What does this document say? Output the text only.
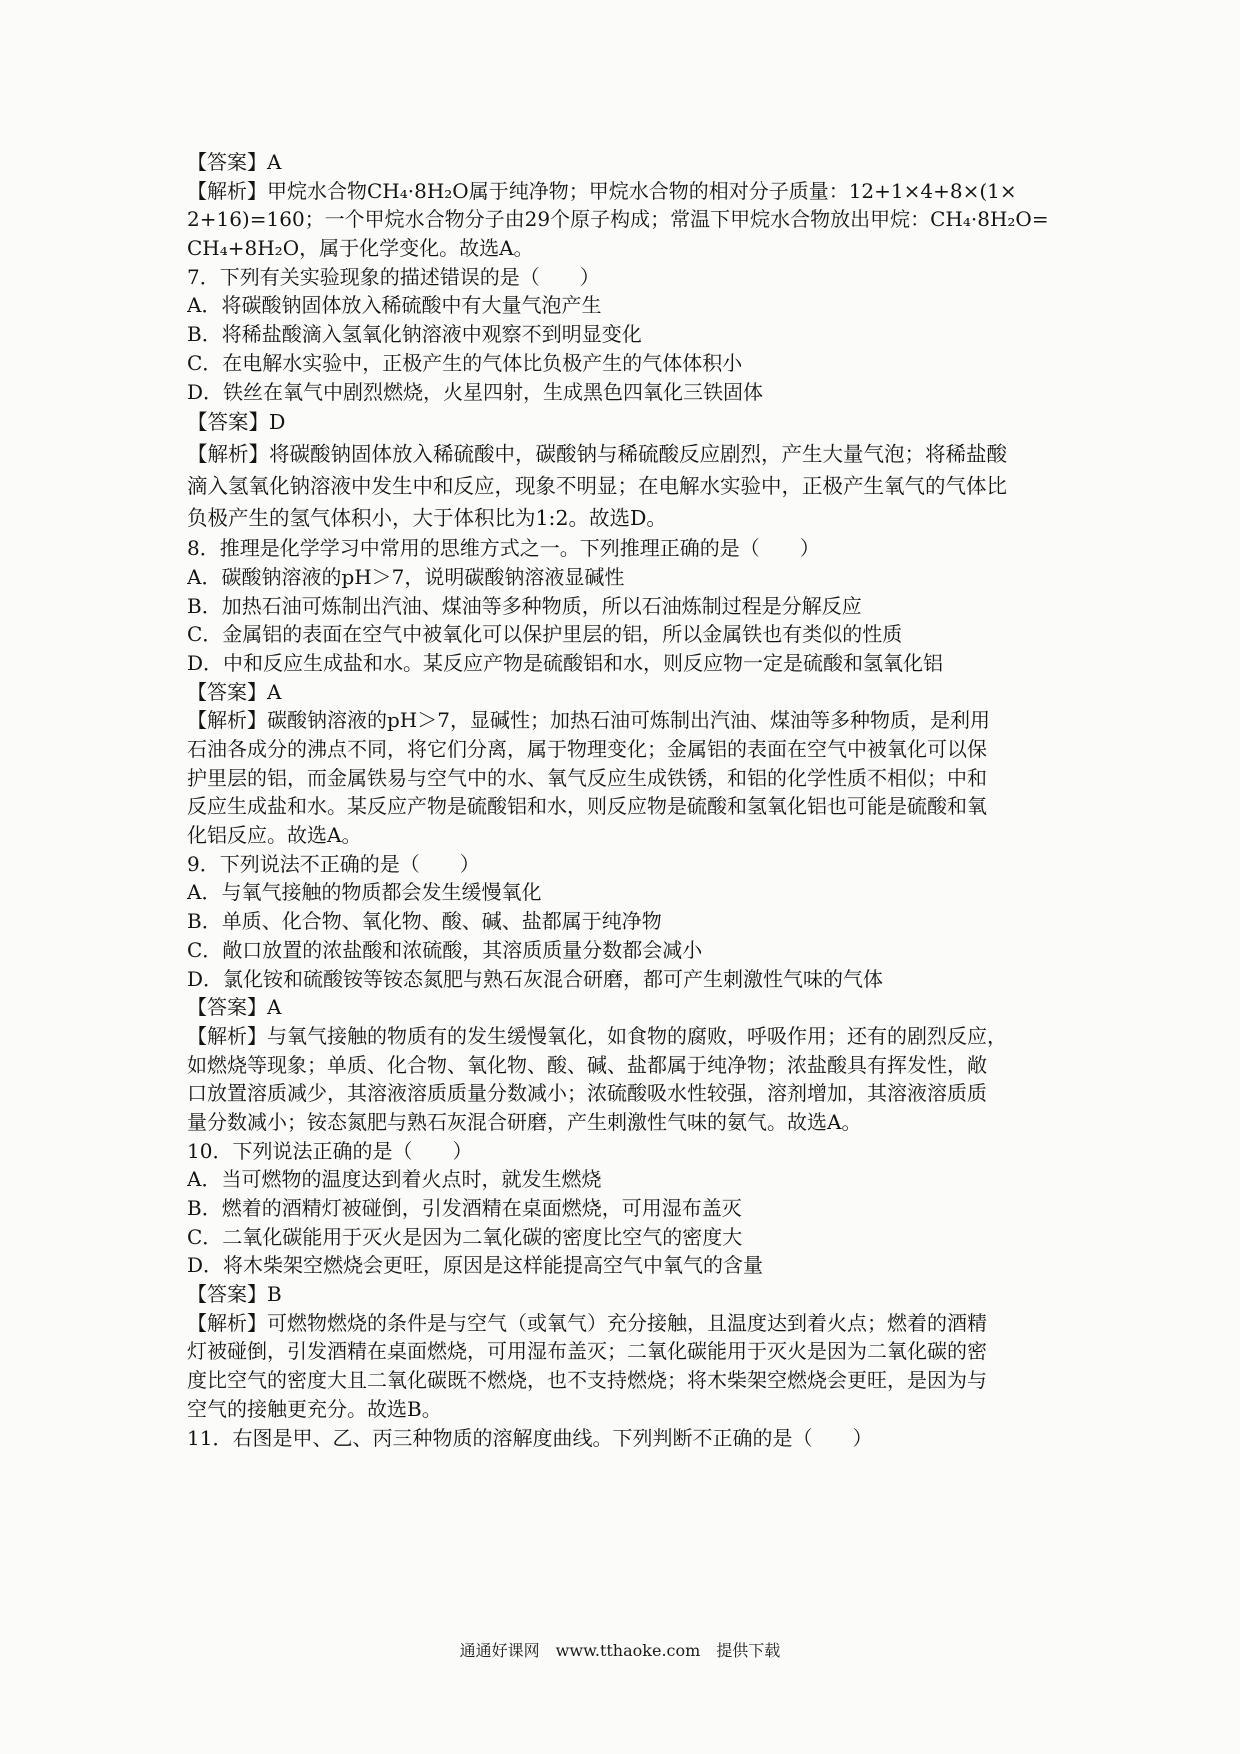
【答案】A
【解析】甲烷水合物CH₄·8H₂O属于纯净物；甲烷水合物的相对分子质量：12+1×4+8×(1×
2+16)=160；一个甲烷水合物分子由29个原子构成；常温下甲烷水合物放出甲烷：CH₄·8H₂O=
CH₄+8H₂O，属于化学变化。故选A。
7．下列有关实验现象的描述错误的是（　　）
A．将碳酸钠固体放入稀硫酸中有大量气泡产生
B．将稀盐酸滴入氢氧化钠溶液中观察不到明显变化
C．在电解水实验中，正极产生的气体比负极产生的气体体积小
D．铁丝在氧气中剧烈燃烧，火星四射，生成黑色四氧化三铁固体
【答案】D
【解析】将碳酸钠固体放入稀硫酸中，碳酸钠与稀硫酸反应剧烈，产生大量气泡；将稀盐酸
滴入氢氧化钠溶液中发生中和反应，现象不明显；在电解水实验中，正极产生氧气的气体比
负极产生的氢气体积小，大于体积比为1:2。故选D。
8．推理是化学学习中常用的思维方式之一。下列推理正确的是（　　）
A．碳酸钠溶液的pH＞7，说明碳酸钠溶液显碱性
B．加热石油可炼制出汽油、煤油等多种物质，所以石油炼制过程是分解反应
C．金属铝的表面在空气中被氧化可以保护里层的铝，所以金属铁也有类似的性质
D．中和反应生成盐和水。某反应产物是硫酸铝和水，则反应物一定是硫酸和氢氧化铝
【答案】A
【解析】碳酸钠溶液的pH＞7，显碱性；加热石油可炼制出汽油、煤油等多种物质，是利用
石油各成分的沸点不同，将它们分离，属于物理变化；金属铝的表面在空气中被氧化可以保
护里层的铝，而金属铁易与空气中的水、氧气反应生成铁锈，和铝的化学性质不相似；中和
反应生成盐和水。某反应产物是硫酸铝和水，则反应物是硫酸和氢氧化铝也可能是硫酸和氧
化铝反应。故选A。
9．下列说法不正确的是（　　）
A．与氧气接触的物质都会发生缓慢氧化
B．单质、化合物、氧化物、酸、碱、盐都属于纯净物
C．敞口放置的浓盐酸和浓硫酸，其溶质质量分数都会减小
D．氯化铵和硫酸铵等铵态氮肥与熟石灰混合研磨，都可产生刺激性气味的气体
【答案】A
【解析】与氧气接触的物质有的发生缓慢氧化，如食物的腐败，呼吸作用；还有的剧烈反应，
如燃烧等现象；单质、化合物、氧化物、酸、碱、盐都属于纯净物；浓盐酸具有挥发性，敞
口放置溶质减少，其溶液溶质质量分数减小；浓硫酸吸水性较强，溶剂增加，其溶液溶质质
量分数减小；铵态氮肥与熟石灰混合研磨，产生刺激性气味的氨气。故选A。
10．下列说法正确的是（　　）
A．当可燃物的温度达到着火点时，就发生燃烧
B．燃着的酒精灯被碰倒，引发酒精在桌面燃烧，可用湿布盖灭
C．二氧化碳能用于灭火是因为二氧化碳的密度比空气的密度大
D．将木柴架空燃烧会更旺，原因是这样能提高空气中氧气的含量
【答案】B
【解析】可燃物燃烧的条件是与空气（或氧气）充分接触，且温度达到着火点；燃着的酒精
灯被碰倒，引发酒精在桌面燃烧，可用湿布盖灭；二氧化碳能用于灭火是因为二氧化碳的密
度比空气的密度大且二氧化碳既不燃烧，也不支持燃烧；将木柴架空燃烧会更旺，是因为与
空气的接触更充分。故选B。
11．右图是甲、乙、丙三种物质的溶解度曲线。下列判断不正确的是（　　）
通通好课网　www.tthaoke.com　提供下载
